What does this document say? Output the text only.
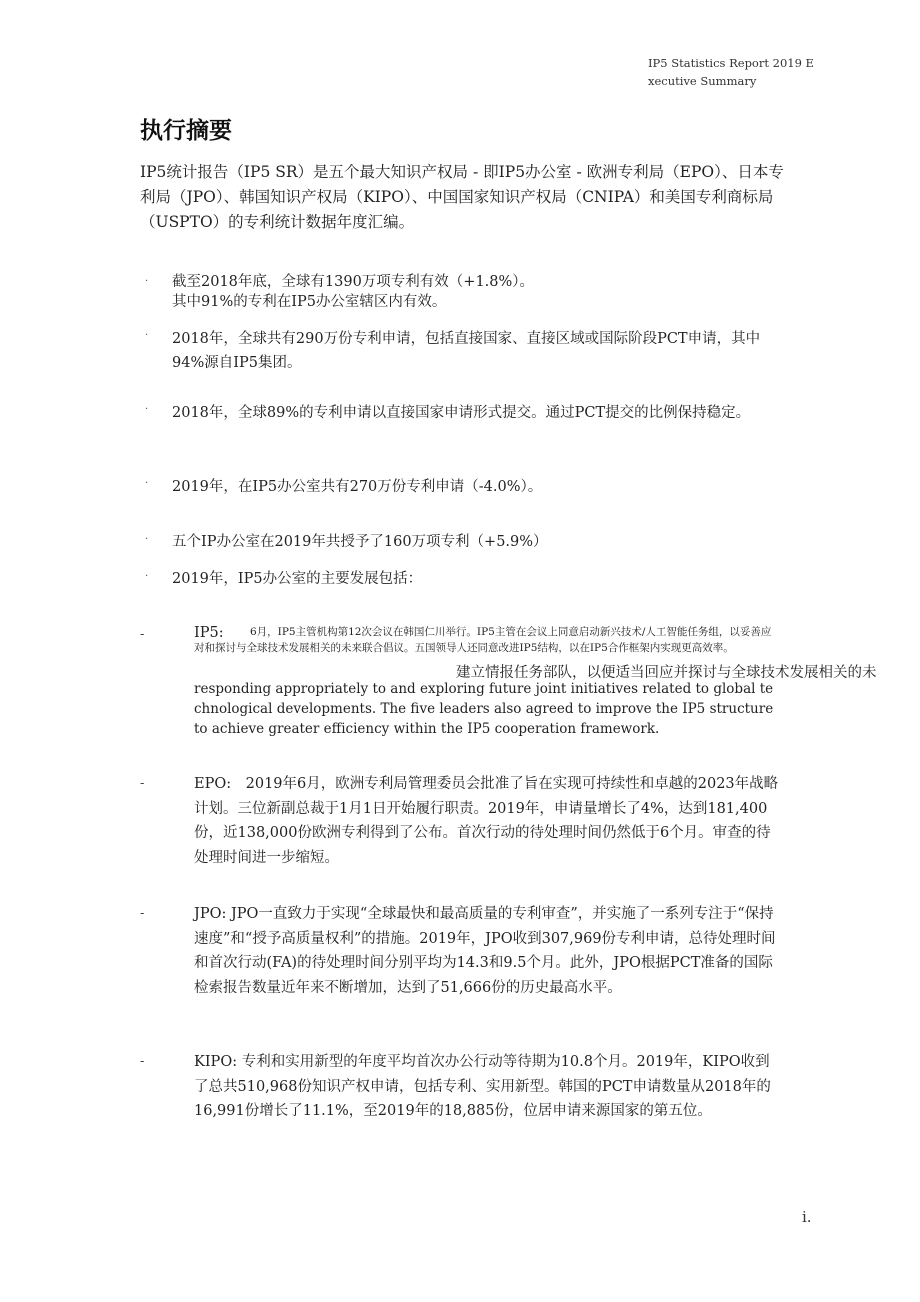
IP5 Statistics Report 2019 Executive Summary
执行摘要
IP5统计报告（IP5 SR）是五个最大知识产权局 - 即IP5办公室 - 欧洲专利局（EPO）、日本专利局（JPO）、韩国知识产权局（KIPO）、中国国家知识产权局（CNIPA）和美国专利商标局（USPTO）的专利统计数据年度汇编。
· 截至2018年底，全球有1390万项专利有效（+1.8%）。
其中91%的专利在IP5办公室辖区内有效。
· 2018年，全球共有290万份专利申请，包括直接国家、直接区域或国际阶段PCT申请，其中94%源自IP5集团。
· 2018年，全球89%的专利申请以直接国家申请形式提交。通过PCT提交的比例保持稳定。
· 2019年，在IP5办公室共有270万份专利申请（-4.0%）。
· 五个IP办公室在2019年共授予了160万项专利（+5.9%）
· 2019年，IP5办公室的主要发展包括：
-	IP5:	6月，IP5主管机构第12次会议在韩国仁川举行。IP5主管在会议上同意启动新兴技术/人工智能任务组，以妥善应对和探讨与全球技术发展相关的未来联合倡议。五国领导人还同意改进IP5结构，以在IP5合作框架内实现更高效率。
建立情报任务部队，以便适当回应并探讨与全球技术发展相关的未
responding appropriately to and exploring future joint initiatives related to global technological developments. The five leaders also agreed to improve the IP5 structure to achieve greater efficiency within the IP5 cooperation framework.
-	EPO:　2019年6月，欧洲专利局管理委员会批准了旨在实现可持续性和卓越的2023年战略计划。三位新副总裁于1月1日开始履行职责。2019年，申请量增长了4%，达到181,400份，近138,000份欧洲专利得到了公布。首次行动的待处理时间仍然低于6个月。审查的待处理时间进一步缩短。
-	JPO: JPO一直致力于实现“全球最快和最高质量的专利审查”，并实施了一系列专注于“保持速度”和“授予高质量权利”的措施。2019年，JPO收到307,969份专利申请，总待处理时间和首次行动(FA)的待处理时间分别平均为14.3和9.5个月。此外，JPO根据PCT准备的国际检索报告数量近年来不断增加，达到了51,666份的历史最高水平。
-	KIPO: 专利和实用新型的年度平均首次办公行动等待期为10.8个月。2019年，KIPO收到了总共510,968份知识产权申请，包括专利、实用新型。韩国的PCT申请数量从2018年的16,991份增长了11.1%，至2019年的18,885份，位居申请来源国家的第五位。
i.
